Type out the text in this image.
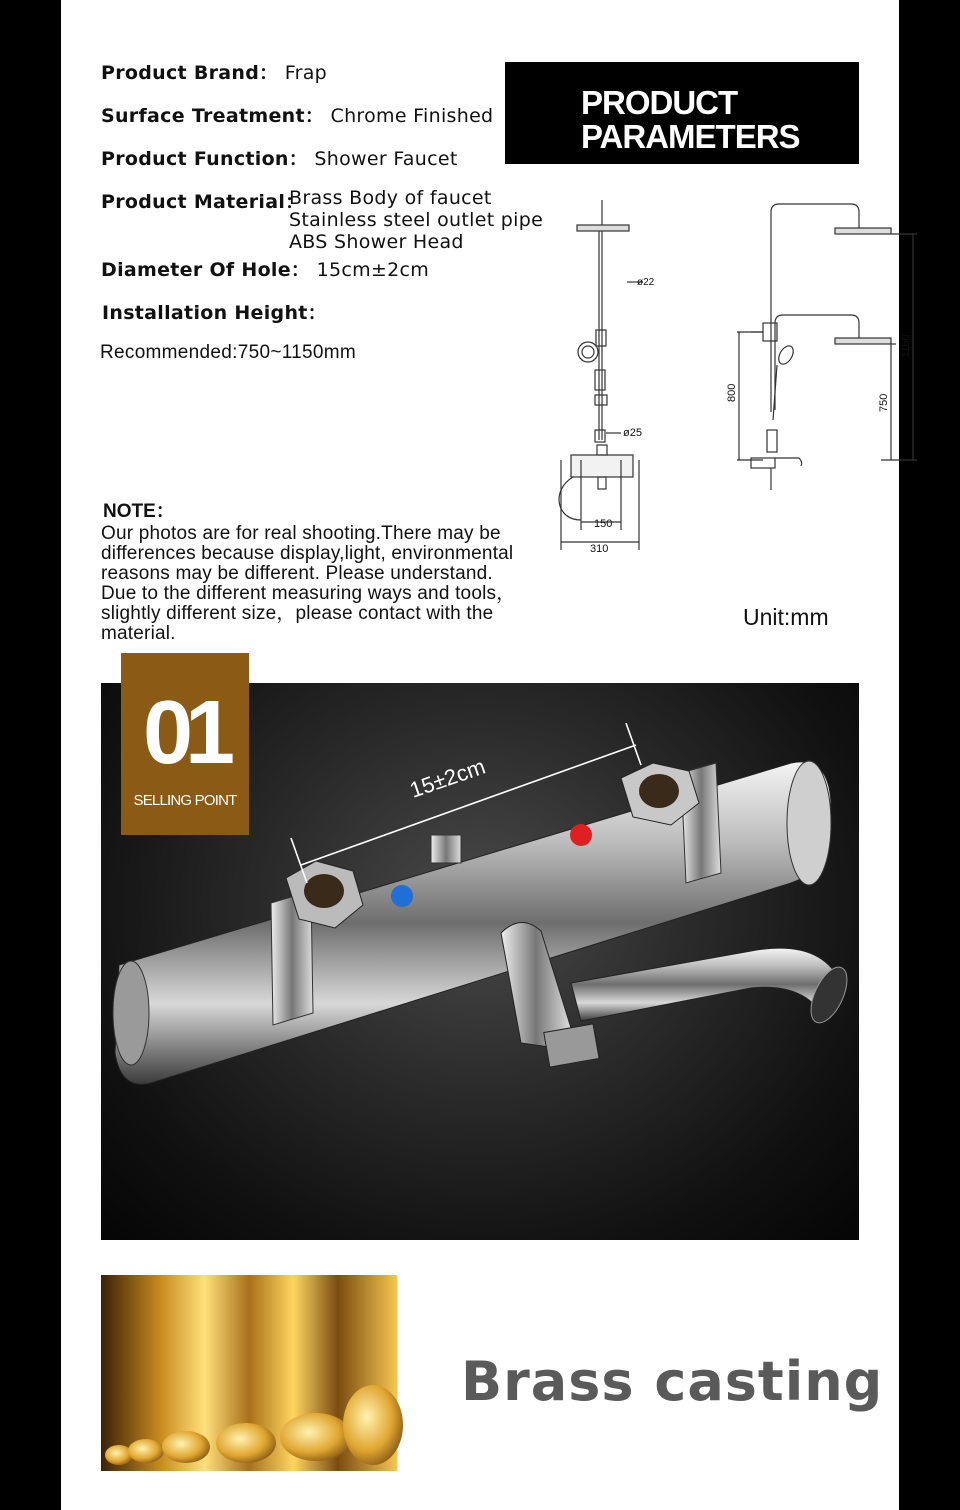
Product Brand： Frap
Surface Treatment： Chrome Finished
Product Function： Shower Faucet
Product Material：
Brass Body of faucet
Stainless steel outlet pipe
ABS Shower Head
Diameter Of Hole： 15cm±2cm
Installation Height：
Recommended:750~1150mm
PRODUCT
PARAMETERS
ø22
ø25
150
310
800
750
1150
NOTE：
Our photos are for real shooting.There may be
differences because display,light, environmental
reasons may be different. Please understand.
Due to the different measuring ways and tools，
slightly different size，please contact with the
material.
Unit:mm
15±2cm
01
SELLING POINT
Brass casting
